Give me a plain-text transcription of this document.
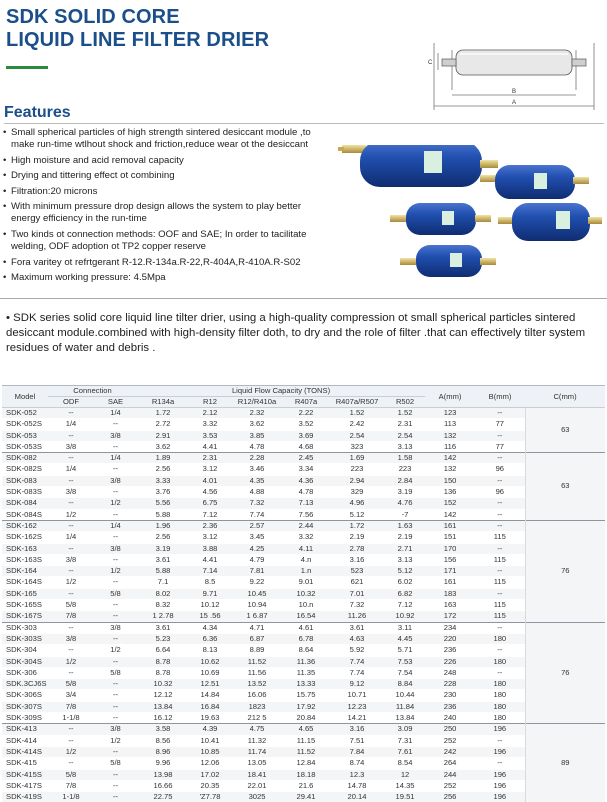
SDK SOLID CORE
LIQUID LINE FILTER DRIER
C
B
A
Features
• Small spherical particles of high strength sintered desiccant module ,to make run-time wtlhout shock and friction,reduce wear ot the desiccant
• High moisture and acid removal capacity
• Drying and tittering effect ot combining
• Filtration:20 microns
• With minimum pressure drop design allows the system to play better energy efficiency in the run-time
• Two kinds ot connection methods: OOF and SAE; In order to tacilitate welding, ODF adoption ot TP2 copper reserve
• Fora varitey ot refrtgerant R-12.R-134a.R-22,R-404A,R-410A.R-S02
• Maximum working pressure: 4.5Mpa
• SDK series solid core liquid line tilter drier, using a high-quality compression ot small spherical particles sintered desiccant module.combined with high-density filter doth, to dry and the role of filter .that can effectively tilter system residues of water and debris .
Model	Connection		Liquid Flow Capacity (TONS)						A(mm)	B(mm)	C(mm)
	ODF	SAE	R134a	R12	R12/R410a	R407a	R407a/R507	R502			
SDK-052	--	1/4	1.72	2.12	2.32	2.22	1.52	1.52	123	--	63
SDK-052S	1/4	--	2.72	3.32	3.62	3.52	2.42	2.31	113	77	
SDK-053	--	3/8	2.91	3.53	3.85	3.69	2.54	2.54	132	--	
SDK-053S	3/8	--	3.62	4.41	4.78	4.68	323	3.13	116	77	
SDK-082	--	1/4	1.89	2.31	2.28	2.45	1.69	1.58	142	--	63
SDK-082S	1/4	--	2.56	3.12	3.46	3.34	223	223	132	96	
SDK-083	--	3/8	3.33	4.01	4.35	4.36	2.94	2.84	150	--	
SDK-083S	3/8	--	3.76	4.56	4.88	4.78	329	3.19	136	96	
SDK-084	--	1/2	5.56	6.75	7.32	7.13	4.96	4.76	152	--	
SDK-084S	1/2	--	5.88	7.12	7.74	7.56	5.12	-7	142	--	
SDK-162	--	1/4	1.96	2.36	2.57	2.44	1.72	1.63	161	--	76
SDK-162S	1/4	--	2.56	3.12	3.45	3.32	2.19	2.19	151	115	
SDK-163	--	3/8	3.19	3.88	4.25	4.11	2.78	2.71	170	--	
SDK-163S	3/8	--	3.61	4.41	4.79	4.n	3.16	3.13	156	115	
SDK-164	--	1/2	5.88	7.14	7.81	1.n	523	5.12	171	--	
SDK-164S	1/2	--	7.1	8.5	9.22	9.01	621	6.02	161	115	
SDK-165	--	5/8	8.02	9.71	10.45	10.32	7.01	6.82	183	--	
SDK-165S	5/8	--	8.32	10.12	10.94	10.n	7.32	7.12	163	115	
SDK-167S	7/8	--	1 2.78	15 .56	1 6.87	16.54	11.26	10.92	172	115	
SDK-303	--	3/8	3.61	4.34	4.71	4.61	3.61	3.11	234	--	76
SDK-303S	3/8	--	5.23	6.36	6.87	6.78	4.63	4.45	220	180	
SDK-304	--	1/2	6.64	8.13	8.89	8.64	5.92	5.71	236	--	
SDK-304S	1/2	--	8.78	10.62	11.52	11.36	7.74	7.53	226	180	
SDK-306	--	5/8	8.78	10.69	11.56	11.35	7.74	7.54	248	--	
SDK.3CJ6S	5/8	--	10.32	12.51	13.52	13.33	9.12	8.84	228	180	
SDK-306S	3/4	--	12.12	14.84	16.06	15.75	10.71	10.44	230	180	
SDK-307S	7/8	--	13.84	16.84	1823	17.92	12.23	11.84	236	180	
SDK-309S	1-1/8	--	16.12	19.63	212 5	20.84	14.21	13.84	240	180	
SDK-413	--	3/8	3.58	4.39	4.75	4.65	3.16	3.09	250	196	89
SDK-414	--	1/2	8.56	10.41	11.32	11.15	7.51	7.31	252	--	
SDK-414S	1/2	--	8.96	10.85	11.74	11.52	7.84	7.61	242	196	
SDK-415	--	5/8	9.96	12.06	13.05	12.84	8.74	8.54	264	--	
SDK-415S	5/8	--	13.98	17.02	18.41	18.18	12.3	12	244	196	
SDK-417S	7/8	--	16.66	20.35	22.01	21.6	14.78	14.35	252	196	
SDK-419S	1-1/8	--	22.75	'Z7.78	3025	29.41	20.14	19.51	256	196	
